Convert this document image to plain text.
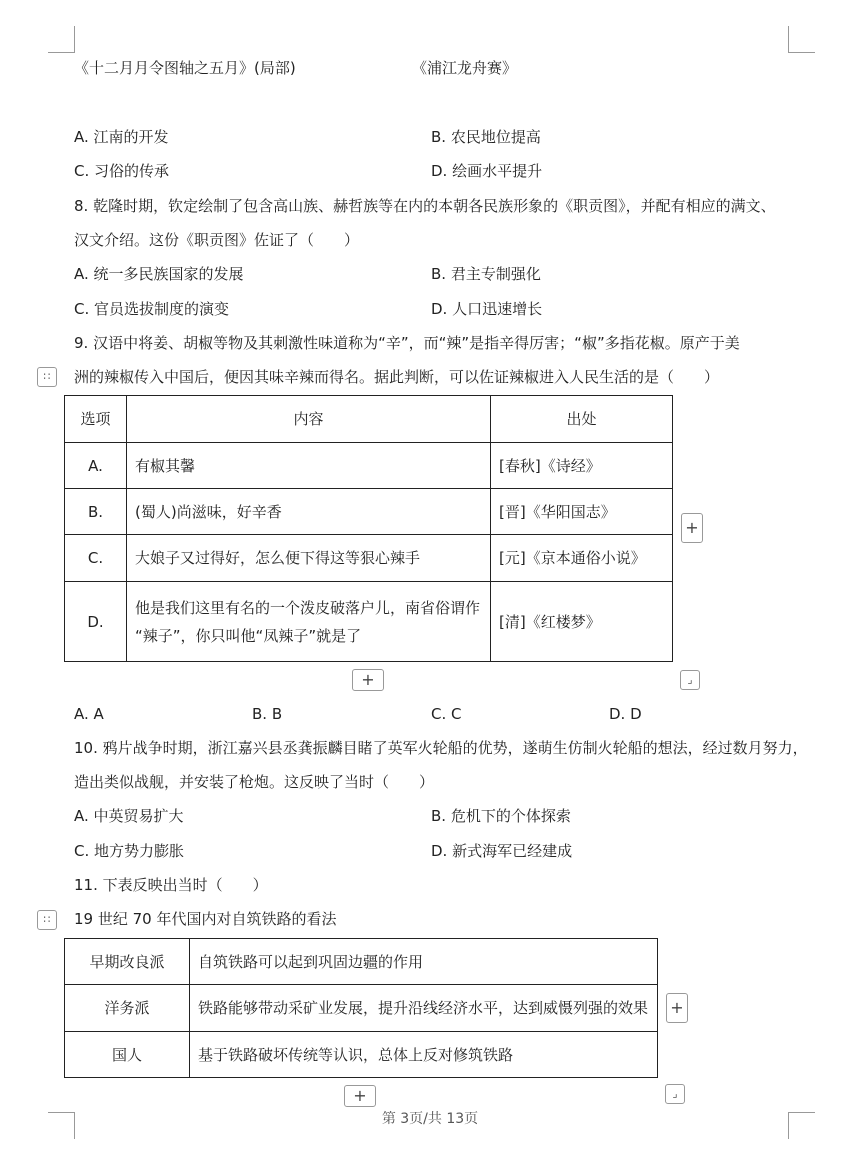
《十二月月令图轴之五月》(局部)	《浦江龙舟赛》
A. 江南的开发	B. 农民地位提高
C. 习俗的传承	D. 绘画水平提升
8. 乾隆时期，钦定绘制了包含高山族、赫哲族等在内的本朝各民族形象的《职贡图》，并配有相应的满文、
汉文介绍。这份《职贡图》佐证了（　　）
A. 统一多民族国家的发展	B. 君主专制强化
C. 官员选拔制度的演变	D. 人口迅速增长
9. 汉语中将姜、胡椒等物及其刺激性味道称为“辛”，而“辣”是指辛得厉害；“椒”多指花椒。原产于美
∷	洲的辣椒传入中国后，便因其味辛辣而得名。据此判断，可以佐证辣椒进入人民生活的是（　　）
选项	内容	出处
A.	有椒其馨	[春秋]《诗经》
B.	(蜀人)尚滋味，好辛香	[晋]《华阳国志》
C.	大娘子又过得好，怎么便下得这等狠心辣手	[元]《京本通俗小说》
D.	他是我们这里有名的一个泼皮破落户儿，南省俗谓作
“辣子”，你只叫他“凤辣子”就是了	[清]《红楼梦》
+
+	⌟
A. A	B. B	C. C	D. D
10. 鸦片战争时期，浙江嘉兴县丞龚振麟目睹了英军火轮船的优势，遂萌生仿制火轮船的想法，经过数月努力，
造出类似战舰，并安装了枪炮。这反映了当时（　　）
A. 中英贸易扩大	B. 危机下的个体探索
C. 地方势力膨胀	D. 新式海军已经建成
11. 下表反映出当时（　　）
∷	19 世纪 70 年代国内对自筑铁路的看法
早期改良派	自筑铁路可以起到巩固边疆的作用
洋务派	铁路能够带动采矿业发展，提升沿线经济水平，达到威慑列强的效果
国人	基于铁路破坏传统等认识，总体上反对修筑铁路
+
+	⌟
第 3页/共 13页
